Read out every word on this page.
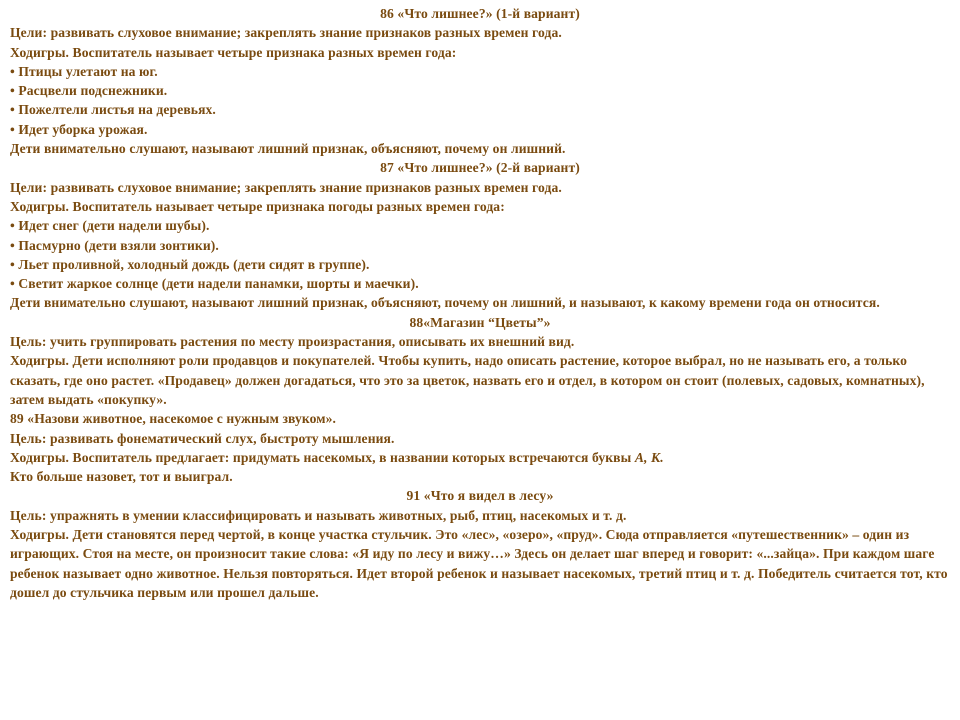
86 «Что лишнее?» (1-й вариант)
Цели: развивать слуховое внимание; закреплять знание признаков разных времен года.
Ходигры. Воспитатель называет четыре признака разных времен года:
• Птицы улетают на юг.
• Расцвели подснежники.
• Пожелтели листья на деревьях.
• Идет уборка урожая.
Дети внимательно слушают, называют лишний признак, объясняют, почему он лишний.
87 «Что лишнее?» (2-й вариант)
Цели: развивать слуховое внимание; закреплять знание признаков разных времен года.
Ходигры. Воспитатель называет четыре признака погоды разных времен года:
• Идет снег (дети надели шубы).
• Пасмурно (дети взяли зонтики).
• Льет проливной, холодный дождь (дети сидят в группе).
• Светит жаркое солнце (дети надели панамки, шорты и маечки).
Дети внимательно слушают, называют лишний признак, объясняют, почему он лишний, и называют, к какому времени года он относится.
88«Магазин “Цветы”»
Цель: учить группировать растения по месту произрастания, описывать их внешний вид.
Ходигры. Дети исполняют роли продавцов и покупателей. Чтобы купить, надо описать растение, которое выбрал, но не называть его, а только сказать, где оно растет. «Продавец» должен догадаться, что это за цветок, назвать его и отдел, в котором он стоит (полевых, садовых, комнатных), затем выдать «покупку».
89 «Назови животное, насекомое с нужным звуком».
Цель: развивать фонематический слух, быстроту мышления.
Ходигры. Воспитатель предлагает: придумать насекомых, в названии которых встречаются буквы А, К.
Кто больше назовет, тот и выиграл.
91 «Что я видел в лесу»
Цель: упражнять в умении классифицировать и называть животных, рыб, птиц, насекомых и т. д.
Ходигры. Дети становятся перед чертой, в конце участка стульчик. Это «лес», «озеро», «пруд». Сюда отправляется «путешественник» – один из играющих. Стоя на месте, он произносит такие слова: «Я иду по лесу и вижу…» Здесь он делает шаг вперед и говорит: «...зайца». При каждом шаге ребенок называет одно животное. Нельзя повторяться. Идет второй ребенок и называет насекомых, третий птиц и т. д. Победитель считается тот, кто дошел до стульчика первым или прошел дальше.
